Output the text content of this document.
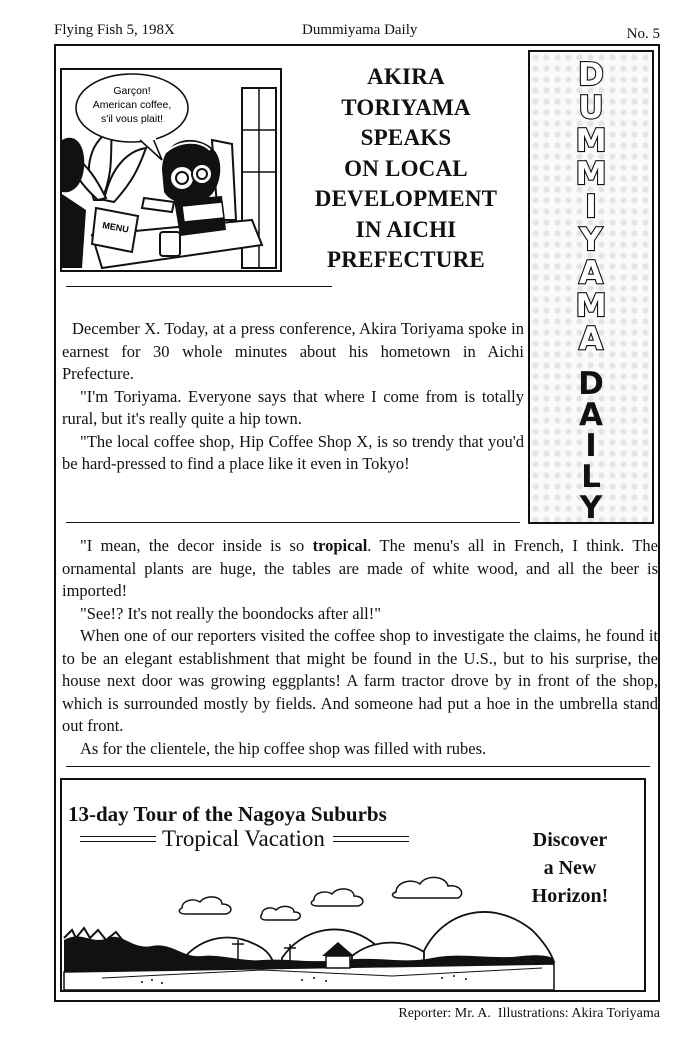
Flying Fish 5, 198X	Dummiyama Daily	No. 5
MENU
Garçon!
American coffee,
s'il vous plait!
AKIRA
TORIYAMA
SPEAKS
ON LOCAL
DEVELOPMENT
IN AICHI
PREFECTURE
D
U
M
M
I
Y
A
M
A
D
A
I
L
Y

December X. Today, at a press conference, Akira Toriyama spoke in earnest for 30 whole minutes about his hometown in Aichi Prefecture.

"I'm Toriyama. Everyone says that where I come from is totally rural, but it's really quite a hip town.

"The local coffee shop, Hip Coffee Shop X, is so trendy that you'd be hard-pressed to find a place like it even in Tokyo!

"I mean, the decor inside is so tropical. The menu's all in French, I think. The ornamental plants are huge, the tables are made of white wood, and all the beer is imported!

"See!? It's not really the boondocks after all!"

When one of our reporters visited the coffee shop to investigate the claims, he found it to be an elegant establishment that might be found in the U.S., but to his surprise, the house next door was growing eggplants! A farm tractor drove by in front of the shop, which is surrounded mostly by fields. And someone had put a hoe in the umbrella stand out front.

As for the clientele, the hip coffee shop was filled with rubes.

13-day Tour of the Nagoya Suburbs
Tropical Vacation	Discover
a New
Horizon!
Reporter: Mr. A.  Illustrations: Akira Toriyama
